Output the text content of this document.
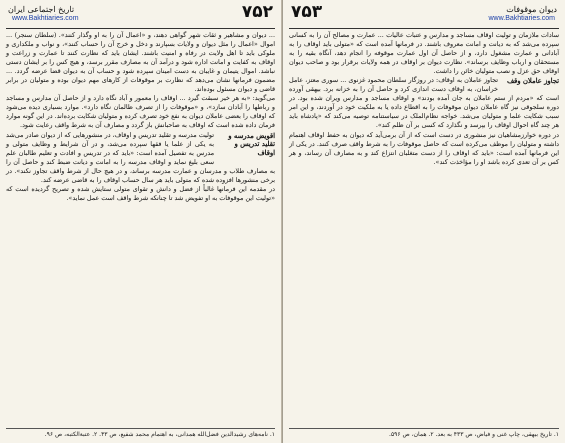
۷۵۲
تاریخ اجتماعی ایران
www.Bakhtiaries.com

... دیوان و مشاهیر و ثقات شهر گواهی دهند، و «اعمال آن را به او وگذار کنند». (سلطان سنجر) ... اموال «اعمال را مثل دیوان و ولایات بسپارند و دخل و خرج آن را حساب کنند»، و نواب و ملکداری و ملوکی باید تا اهل ولایت در رفاه و امنیت باشند. ایشان باید که نظارت کنند تا عمارت و زراعت و اوقاف به کفایت و امانت اداره شود و درآمد آن به مصارف مقرر برسد، و هیچ کس را بر ایشان دستی نباشد. اموال یتیمان و غایبان به دست امینان سپرده شود و حساب آن به دیوان قضا عرضه گردد. ... مضمون فرمانها نشان می‌دهد که نظارت بر موقوفات از کارهای مهم دیوان بوده و متولیان در برابر قاضی و دیوان مسئول بوده‌اند.

می‌گوید: «به هر خیر سبقت گیرد ... اوقاف را معمور و آباد نگاه دارد و از حاصل آن مدارس و مساجد و رباطها را آبادان سازد»، و «موقوفات را از تصرف ظالمان نگاه دارد». موارد بسیاری دیده می‌شود که اوقاف را بعضی عاملان دیوان به نفع خود تصرف کرده و متولیان شکایت برده‌اند. در این گونه موارد فرمان داده شده است که اوقاف به صاحبانش باز گردد و مصارف آن به شرط واقف رعایت شود.

اقویض مدرسه و تقلید تدریس و اوقاف

تولیت مدرسه و تقلید تدریس و اوقاف، در منشورهایی که از دیوان صادر می‌شد به یکی از علما یا فقها سپرده می‌شد، و در آن شرایط و وظایف متولی و مدرس به تفصیل آمده است: «باید که در تدریس و افادت و تعلیم طالبان علم سعی بلیغ نماید و اوقاف مدرسه را به امانت و دیانت ضبط کند و حاصل آن را به مصارف طلاب و مدرسان و عمارت مدرسه برساند، و در هیچ حال از شرط واقف تجاوز نکند». در برخی منشورها افزوده شده که متولی باید هر سال حساب اوقاف را به قاضی عرضه کند.

در مقدمه این فرمانها غالباً از فضل و دانش و تقوای متولی ستایش شده و تصریح گردیده است که «تولیت این موقوفات به او تفویض شد تا چنانکه شرط واقف است عمل نماید».

۱. نامه‌های رشیدالدین فضل‌الله همدانی، به اهتمام محمد شفیع، ص ۴۳. ۲. عتبة‌الکتبه، ص ۹۶.
۷۵۳	دیوان موقوفات
www.Bakhtiaries.com

سادات ملازمان و تولیت اوقاف مساجد و مدارس و عتبات عالیات ... عمارت و مصالح آن را به کسانی سپرده می‌شد که به دیانت و امانت معروف باشند. در فرمانها آمده است که «متولی باید اوقاف را به آبادانی و عمارت مشغول دارد، و از حاصل آن اول عمارت موقوفه را انجام دهد، آنگاه بقیه را به مستحقان و ارباب وظایف برساند». نظارت دیوان بر اوقاف در همه ولایات برقرار بود و صاحب دیوان اوقاف حق عزل و نصب متولیان خائن را داشت.

تجاوز عاملان وقف

تجاوز عاملان به اوقاف: در روزگار سلطان محمود غزنوی ... سوری معتز، عامل خراسان، به اوقاف دست اندازی کرد و حاصل آن را به خزانه برد. بیهقی آورده است که «مردم از ستم عاملان به جان آمده بودند» و اوقاف مساجد و مدارس ویران شده بود. در دوره سلجوقی نیز گاه عاملان دیوان موقوفات را به اقطاع داده یا به ملکیت خود در آوردند، و این امر سبب شکایت علما و متولیان می‌شد. خواجه نظام‌الملک در سیاستنامه توصیه می‌کند که «پادشاه باید هر چند گاه احوال اوقاف را بپرسد و نگذارد که کسی بر آن ظلم کند».

در دوره خوارزمشاهیان نیز منشوری در دست است که از آن برمی‌آید که دیوان به حفظ اوقاف اهتمام داشته و متولیان را موظف می‌کرده است که حاصل موقوفات را به شرط واقف صرف کنند. در یکی از این فرمانها آمده است: «باید که اوقاف را از دست متغلبان انتزاع کند و به مصارف آن رساند، و هر کس بر آن تعدی کرده باشد او را مؤاخذت کند».

۱. تاریخ بیهقی، چاپ غنی و فیاض، ص ۴۳۳ به بعد. ۲. همان، ص ۵۹۶.
